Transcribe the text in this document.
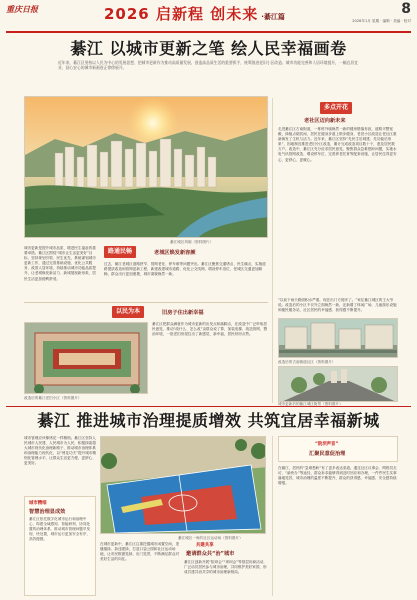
重庆日报	2026 启新程 创未来 ·綦江篇	8
2026年1月 星期 · 编辑 · 美编 · 校对
綦江 以城市更新之笔 绘人民幸福画卷
近年来，綦江区坚持以人民为中心的发展思想，把城市更新作为推动高质量发展、创造高品质生活的重要抓手，统筹推进老旧小区改造、城市功能完善和人居环境提升，一幅宜居宜业、舒心安心的城市新画卷正徐徐展开。
綦江城区风貌（资料图片）
多点开花
老社区迈向新未来
走进綦江区古南街道，一栋栋外墙焕然一新的楼房错落有致，道路平整宽敞，绿植点缀其间，居民在健身步道上散步健身，老旧小区改造让老社区重新焕发了生机与活力。近年来，綦江区坚持“先民生后城建、先功能后形象”，因地制宜推进老旧小区改造，累计完成改造项目数十个，惠及居民数万户。改造中，綦江区充分征求居民意见，聚焦群众急难愁盼问题，实施水电气讯管网改造、增设停车位、完善养老托育等配套设施，让居民住得更安心、更舒心、更暖心。
“以前下雨天路面积水严重，现在出门方便多了。”家住綦江城区的王大爷说。改造后的小区不仅外立面焕然一新，还新增了休闲广场、儿童游乐设施和便民服务站，社区居民的幸福感、获得感不断提升。
改造后的古南街道社区（资料图片）
城市更新后的綦江城区街景（资料图片）
城市更新是提升城市品质、增进民生福祉的重要举措。綦江区围绕“城市让生活更美好”目标，坚持规划引领、民生优先，系统谋划城市更新工作，通过完善基础设施、优化公共服务、改善人居环境，持续推动城市功能品质提升，让老城焕发新活力、新城展现新形象，居民生活更加便利舒适。
路通民畅	老城区焕发新容颜
过去，綦江老城区道路狭窄、管网老化、停车难等问题突出。綦江区聚焦交通堵点、民生痛点，实施道路提质改造和管网更新工程，新建改建城市道路，优化公交线网，增设停车泊位，老城区交通更加顺畅，群众出行更加便捷，城市面貌焕然一新。
以民为本	旧房子住出新幸福
改造后的綦江老旧小区（资料图片）
綦江区把群众满意作为城市更新的出发点和落脚点，在改造中广泛听取居民意见，推动“改什么、怎么改”由群众说了算，加装电梯、改造管网、整治环境，一批老旧房屋住出了新感觉、新幸福，居民纷纷点赞。
綦江 推进城市治理提质增效 共筑宜居幸福新城
城市管理应该像绣花一样精细。綦江区坚持人民城市人民建、人民城市为人民，积极探索超大城市现代化治理新路子，推动城市治理体系和治理能力现代化，以“绣花功夫”提升城市精细化管理水平，让群众生活更方便、更舒心、更美好。
城市精细
智慧治理显成效
綦江区依托数字化城市运行和治理中心，构建全域感知、智能研判、协同处置的治理体系，推动城市管理问题早发现、快处置，城市运行更加安全有序、高效便捷。	綦江城区一角的社区运动场（资料图片）
在城市更新中，綦江区注重挖掘城市闲置空间，见缝插绿、拆违建绿，打造口袋公园和社区运动场地，让市民推窗见绿、出门见景，不断满足群众对美好生活的向往。
共建共享
邀请群众共“治”城市
綦江区创新开展“院坝会”“坝坝会”等基层协商活动，广泛动员居民参与城市治理，共同维护美好家园，形成共建共治共享的城市治理新格局。
“院坝声音”
汇聚民意促治理
在綦江，居民的“急难愁盼”有了更多表达渠道。通过社区议事会、网格员走访、“渝快办”等途径，群众诉求能够得到及时回应和办理，一件件民生实事落地见效，城市治理的温度不断提升，群众的获得感、幸福感、安全感持续增强。
